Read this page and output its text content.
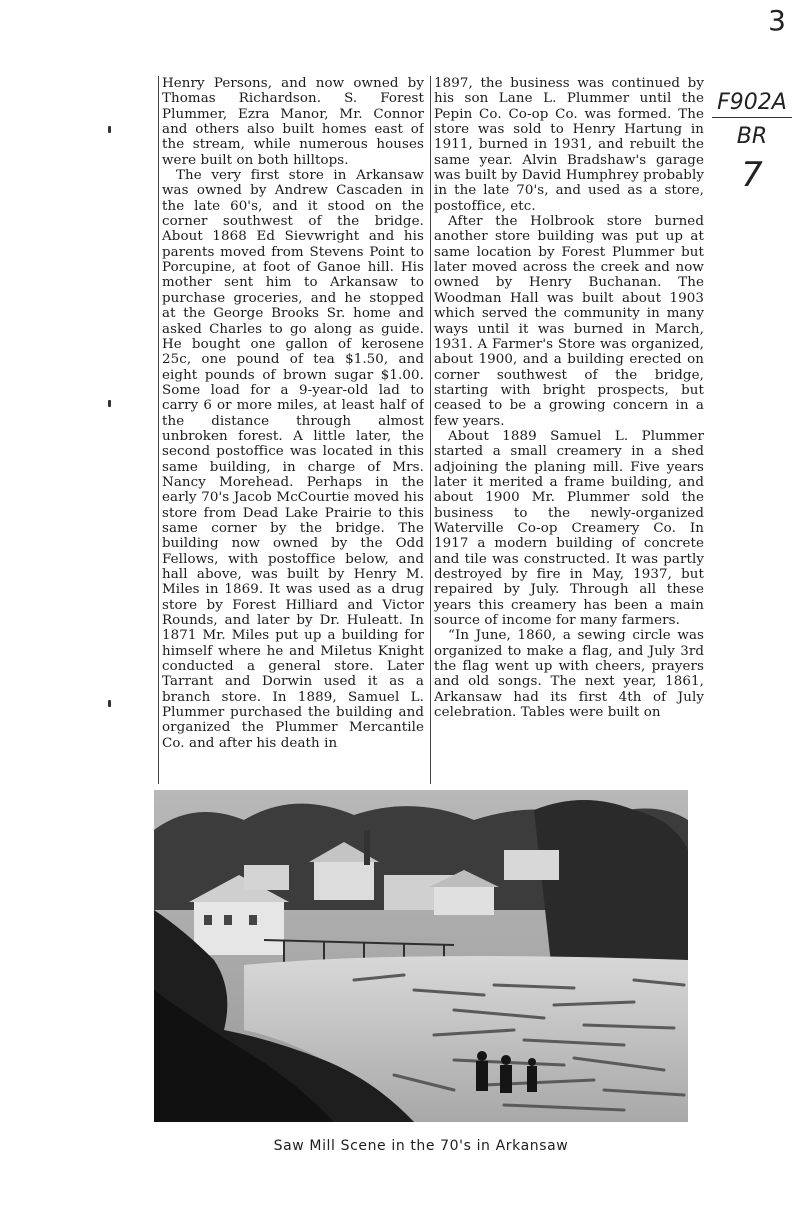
3
F902A
BR
7

Henry Persons, and now owned by Thomas Richardson. S. Forest Plummer, Ezra Manor, Mr. Connor and others also built homes east of the stream, while numerous houses were built on both hilltops.

The very first store in Arkansaw was owned by Andrew Cascaden in the late 60's, and it stood on the corner southwest of the bridge. About 1868 Ed Sievwright and his parents moved from Stevens Point to Porcupine, at foot of Ganoe hill. His mother sent him to Arkansaw to purchase groceries, and he stopped at the George Brooks Sr. home and asked Charles to go along as guide. He bought one gallon of kerosene 25c, one pound of tea $1.50, and eight pounds of brown sugar $1.00. Some load for a 9-year-old lad to carry 6 or more miles, at least half of the distance through almost unbroken forest. A little later, the second postoffice was located in this same building, in charge of Mrs. Nancy Morehead. Perhaps in the early 70's Jacob McCourtie moved his store from Dead Lake Prairie to this same corner by the bridge. The building now owned by the Odd Fellows, with postoffice below, and hall above, was built by Henry M. Miles in 1869. It was used as a drug store by Forest Hilliard and Victor Rounds, and later by Dr. Huleatt. In 1871 Mr. Miles put up a building for himself where he and Miletus Knight conducted a general store. Later Tarrant and Dorwin used it as a branch store. In 1889, Samuel L. Plummer purchased the building and organized the Plummer Mercantile Co. and after his death in

1897, the business was continued by his son Lane L. Plummer until the Pepin Co. Co-op Co. was formed. The store was sold to Henry Hartung in 1911, burned in 1931, and rebuilt the same year. Alvin Bradshaw's garage was built by David Humphrey probably in the late 70's, and used as a store, postoffice, etc.

After the Holbrook store burned another store building was put up at same location by Forest Plummer but later moved across the creek and now owned by Henry Buchanan. The Woodman Hall was built about 1903 which served the community in many ways until it was burned in March, 1931. A Farmer's Store was organized, about 1900, and a building erected on corner southwest of the bridge, starting with bright prospects, but ceased to be a growing concern in a few years.

About 1889 Samuel L. Plummer started a small creamery in a shed adjoining the planing mill. Five years later it merited a frame building, and about 1900 Mr. Plummer sold the business to the newly-organized Waterville Co-op Creamery Co. In 1917 a modern building of concrete and tile was constructed. It was partly destroyed by fire in May, 1937, but repaired by July. Through all these years this creamery has been a main source of income for many farmers.

“In June, 1860, a sewing circle was organized to make a flag, and July 3rd the flag went up with cheers, prayers and old songs. The next year, 1861, Arkansaw had its first 4th of July celebration. Tables were built on

Saw Mill Scene in the 70's in Arkansaw
